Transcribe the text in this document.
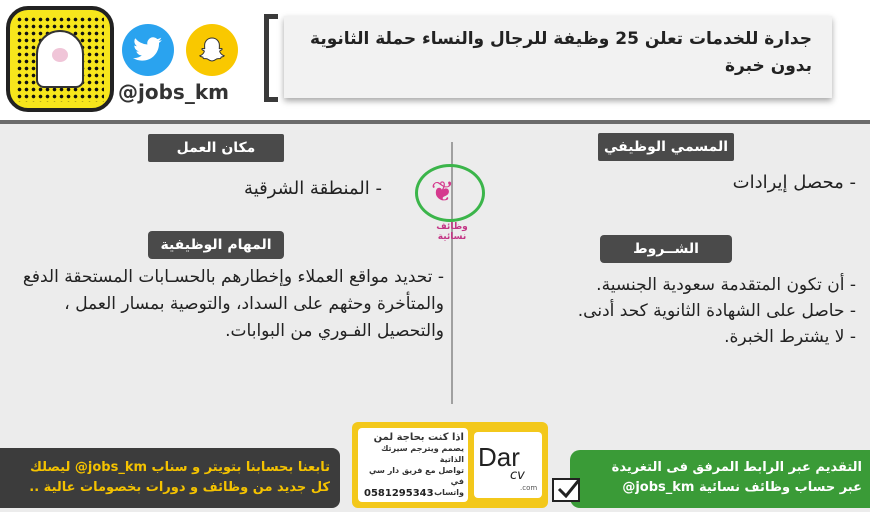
@jobs_km
جدارة للخدمات تعلن 25 وظيفة للرجال والنساء حملة الثانوية بدون خبرة
المسمي الوظيفي
- محصل إيرادات
الشــروط
- أن تكون المتقدمة سعودية الجنسية.
- حاصل على الشهادة الثانوية كحد أدنى.
- لا يشترط الخبرة.
مكان العمل
- المنطقة الشرقية
المهام الوظيفية
- تحديد مواقع العملاء وإخطارهم بالحسـابات المستحقة الدفع والمتأخرة وحثهم على السداد، والتوصية بمسار العمل ، والتحصيل الفـوري من البوابات.
❦
وظائف نسائية
تابعنا بحسابنا بتويتر و سناب jobs_km@ ليصلك
كل جديد من وظائف و دورات بخصومات عالية ..
اذا كنت بحاجة لمن
يصمم ويترجم سيرتك الذاتية
تواصل مع فريق دار سي في
واتساب
0581295343
Dar
cv
.com
التقديم عبر الرابط المرفق فى التغريدة
عبر حساب وظائف نسائية jobs_km@
